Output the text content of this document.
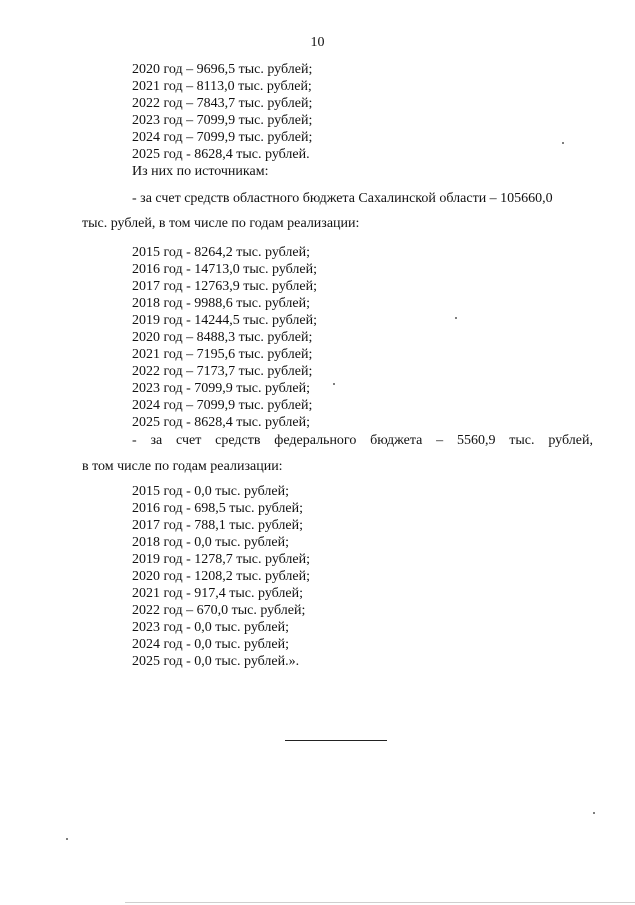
10
2020 год – 9696,5 тыс. рублей;
2021 год – 8113,0 тыс. рублей;
2022 год – 7843,7 тыс. рублей;
2023 год – 7099,9 тыс. рублей;
2024 год – 7099,9 тыс. рублей;
2025 год - 8628,4 тыс. рублей.
Из них по источникам:
- за счет средств областного бюджета Сахалинской области – 105660,0
тыс. рублей, в том числе по годам реализации:
2015 год - 8264,2 тыс. рублей;
2016 год - 14713,0 тыс. рублей;
2017 год - 12763,9 тыс. рублей;
2018 год - 9988,6 тыс. рублей;
2019 год - 14244,5 тыс. рублей;
2020 год – 8488,3 тыс. рублей;
2021 год – 7195,6 тыс. рублей;
2022 год – 7173,7 тыс. рублей;
2023 год - 7099,9 тыс. рублей;
2024 год – 7099,9 тыс. рублей;
2025 год - 8628,4 тыс. рублей;
- за счет средств федерального бюджета – 5560,9 тыс. рублей,
в том числе по годам реализации:
2015 год - 0,0 тыс. рублей;
2016 год - 698,5 тыс. рублей;
2017 год - 788,1 тыс. рублей;
2018 год - 0,0 тыс. рублей;
2019 год - 1278,7 тыс. рублей;
2020 год - 1208,2 тыс. рублей;
2021 год - 917,4 тыс. рублей;
2022 год – 670,0 тыс. рублей;
2023 год - 0,0 тыс. рублей;
2024 год - 0,0 тыс. рублей;
2025 год - 0,0 тыс. рублей.».
